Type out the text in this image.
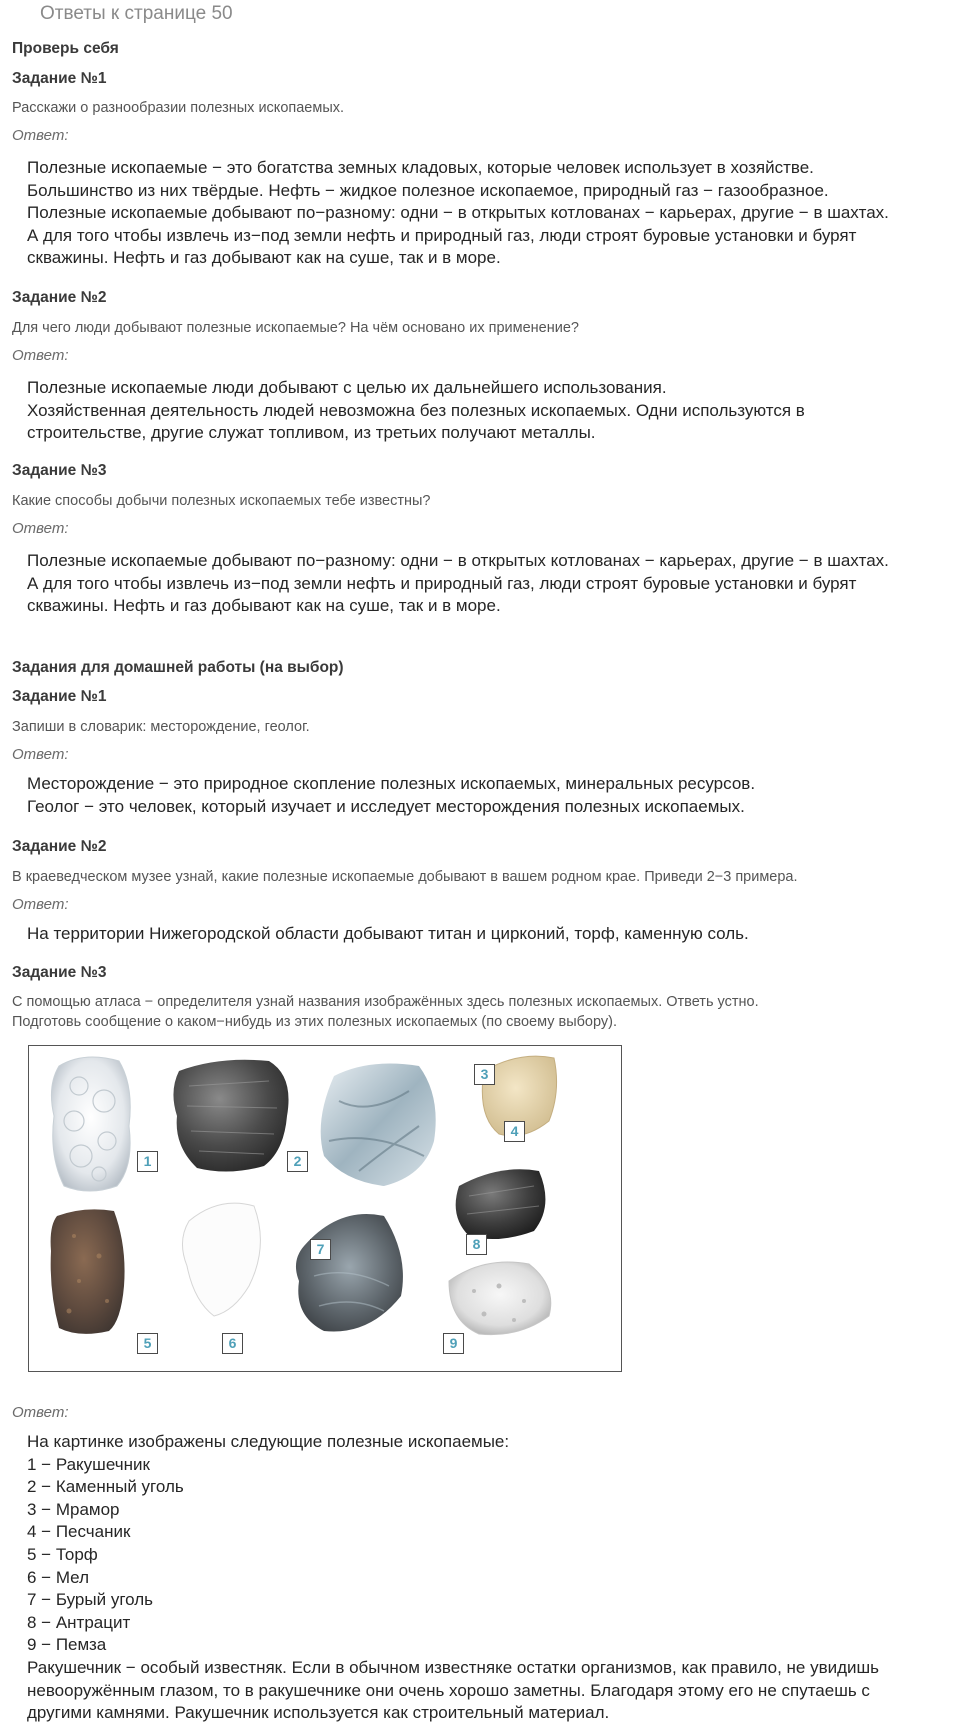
Ответы к странице 50
Проверь себя
Задание №1
Расскажи о разнообразии полезных ископаемых.
Ответ:
Полезные ископаемые − это богатства земных кладовых, которые человек использует в хозяйстве.
Большинство из них твёрдые. Нефть − жидкое полезное ископаемое, природный газ − газообразное.
Полезные ископаемые добывают по−разному: одни − в открытых котлованах − карьерах, другие − в шахтах.
А для того чтобы извлечь из−под земли нефть и природный газ, люди строят буровые установки и бурят
скважины. Нефть и газ добывают как на суше, так и в море.
Задание №2
Для чего люди добывают полезные ископаемые? На чём основано их применение?
Ответ:
Полезные ископаемые люди добывают с целью их дальнейшего использования.
Хозяйственная деятельность людей невозможна без полезных ископаемых. Одни используются в
строительстве, другие служат топливом, из третьих получают металлы.
Задание №3
Какие способы добычи полезных ископаемых тебе известны?
Ответ:
Полезные ископаемые добывают по−разному: одни − в открытых котлованах − карьерах, другие − в шахтах.
А для того чтобы извлечь из−под земли нефть и природный газ, люди строят буровые установки и бурят
скважины. Нефть и газ добывают как на суше, так и в море.
Задания для домашней работы (на выбор)
Задание №1
Запиши в словарик: месторождение, геолог.
Ответ:
Месторождение − это природное скопление полезных ископаемых, минеральных ресурсов.
Геолог − это человек, который изучает и исследует месторождения полезных ископаемых.
Задание №2
В краеведческом музее узнай, какие полезные ископаемые добывают в вашем родном крае. Приведи 2−3 примера.
Ответ:
На территории Нижегородской области добывают титан и цирконий, торф, каменную соль.
Задание №3
С помощью атласа − определителя узнай названия изображённых здесь полезных ископаемых. Ответь устно.
Подготовь сообщение о каком−нибудь из этих полезных ископаемых (по своему выбору).
1	2
3
4
5	6
7	8
9
Ответ:
На картинке изображены следующие полезные ископаемые:
1 − Ракушечник
2 − Каменный уголь
3 − Мрамор
4 − Песчаник
5 − Торф
6 − Мел
7 − Бурый уголь
8 − Антрацит
9 − Пемза
Ракушечник − особый известняк. Если в обычном известняке остатки организмов, как правило, не увидишь
невооружённым глазом, то в ракушечнике они очень хорошо заметны. Благодаря этому его не спутаешь с
другими камнями. Ракушечник используется как строительный материал.
